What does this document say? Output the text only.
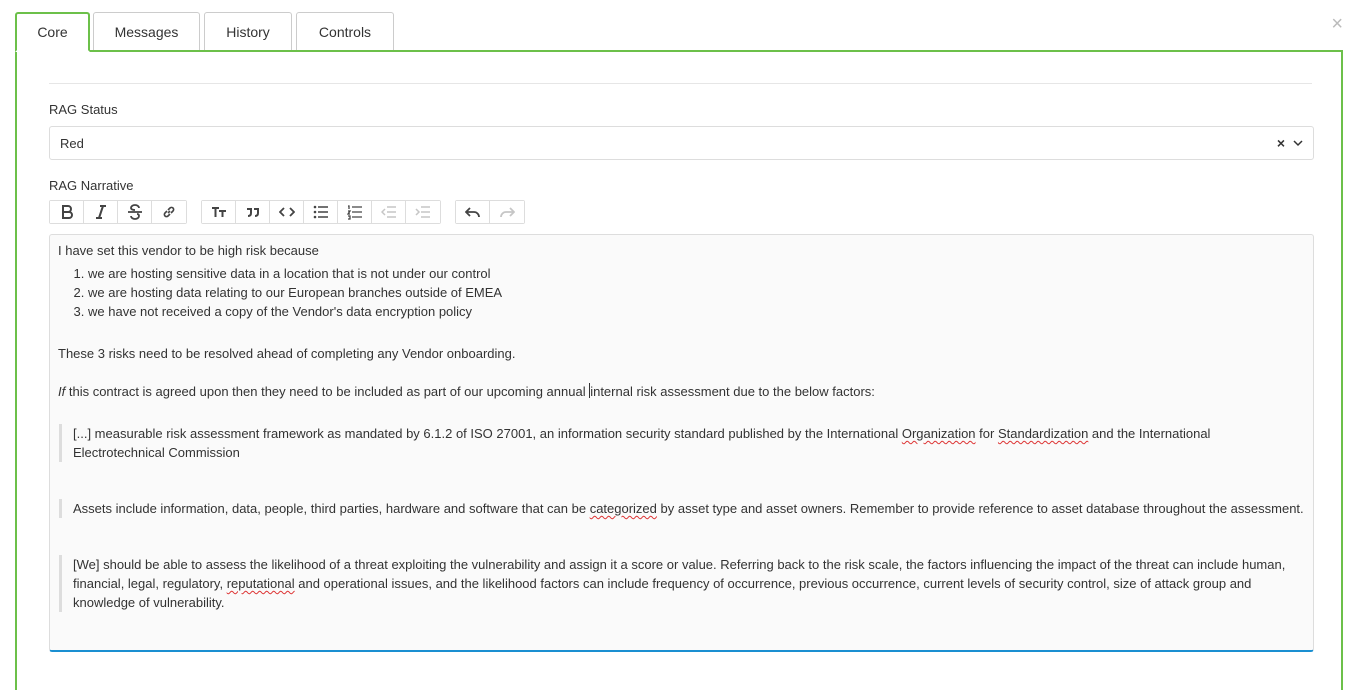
Core	Messages	History	Controls	×
RAG Status
Red	×
RAG Narrative

I have set this vendor to be high risk because

1. we are hosting sensitive data in a location that is not under our control
2. we are hosting data relating to our European branches outside of EMEA
3. we have not received a copy of the Vendor's data encryption policy

These 3 risks need to be resolved ahead of completing any Vendor onboarding.

If this contract is agreed upon then they need to be included as part of our upcoming annual internal risk assessment due to the below factors:

[...] measurable risk assessment framework as mandated by 6.1.2 of ISO 27001, an information security standard published by the International Organization for Standardization and the International Electrotechnical Commission
Assets include information, data, people, third parties, hardware and software that can be categorized by asset type and asset owners. Remember to provide reference to asset database throughout the assessment.
[We] should be able to assess the likelihood of a threat exploiting the vulnerability and assign it a score or value. Referring back to the risk scale, the factors influencing the impact of the threat can include human, financial, legal, regulatory, reputational and operational issues, and the likelihood factors can include frequency of occurrence, previous occurrence, current levels of security control, size of attack group and knowledge of vulnerability.
